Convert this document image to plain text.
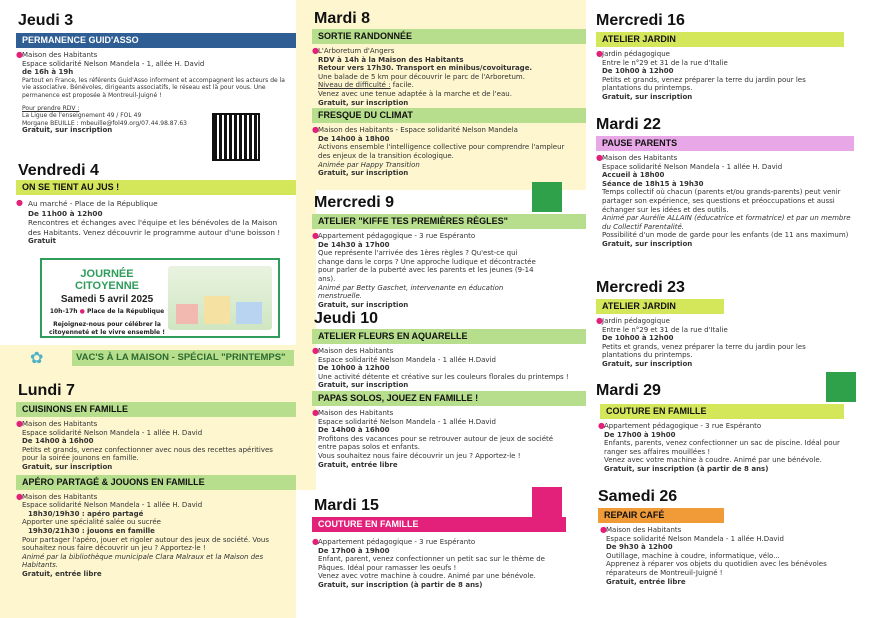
Jeudi 3
PERMANENCE GUID'ASSO
● Maison des Habitants
Espace solidarité Nelson Mandela - 1, allée H. David
de 16h à 19h
Partout en France, les référents Guid'Asso informent et accompagnent les acteurs de la vie associative. Bénévoles, dirigeants associatifs, le réseau est là pour vous. Une permanence est proposée à Montreuil-Juigné !
Pour prendre RDV :
La Ligue de l'enseignement 49 / FOL 49
Morgane BEUILLE : mbeuille@fol49.org/07.44.98.87.63
Gratuit, sur inscription
Vendredi 4
ON SE TIENT AU JUS !
● Au marché - Place de la République
De 11h00 à 12h00
Rencontres et échanges avec l'équipe et les bénévoles de la Maison des Habitants. Venez découvrir le programme autour d'une boisson !
Gratuit
JOURNÉE CITOYENNE
Samedi 5 avril 2025
10h-17h ● Place de la République
Rejoignez-nous pour célébrer la citoyenneté et le vivre ensemble !
✿	VAC'S À LA MAISON - SPÉCIAL "PRINTEMPS"
Lundi 7
CUISINONS EN FAMILLE
● Maison des Habitants
Espace solidarité Nelson Mandela - 1 allée H. David
De 14h00 à 16h00
Petits et grands, venez confectionner avec nous des recettes apéritives pour la soirée jounons en famille.
Gratuit, sur inscription
APÉRO PARTAGÉ & JOUONS EN FAMILLE
● Maison des Habitants
Espace solidarité Nelson Mandela - 1 allée H. David
18h30/19h30 : apéro partagé
Apporter une spécialité salée ou sucrée
19h30/21h30 : jouons en famille
Pour partager l'apéro, jouer et rigoler autour des jeux de société. Vous souhaitez nous faire découvrir un jeu ? Apportez-le !
Animé par la bibliothèque municipale Clara Malraux et la Maison des Habitants.
Gratuit, entrée libre
Mardi 8
SORTIE RANDONNÉE
● L'Arboretum d'Angers
RDV à 14h à la Maison des Habitants
Retour vers 17h30. Transport en minibus/covoiturage.
Une balade de 5 km pour découvrir le parc de l'Arboretum.
Niveau de difficulté : facile.
Venez avec une tenue adaptée à la marche et de l'eau.
Gratuit, sur inscription
FRESQUE DU CLIMAT
● Maison des Habitants - Espace solidarité Nelson Mandela
De 14h00 à 18h00
Activons ensemble l'intelligence collective pour comprendre l'ampleur des enjeux de la transition écologique.
Animée par Happy Transition
Gratuit, sur inscription
Mercredi 9
ATELIER "KIFFE TES PREMIÈRES RÈGLES"
● Appartement pédagogique - 3 rue Espéranto
De 14h30 à 17h00
Que représente l'arrivée des 1ères règles ? Qu'est-ce qui change dans le corps ? Une approche ludique et décontractée pour parler de la puberté avec les parents et les jeunes (9-14 ans).
Animé par Betty Gaschet, intervenante en éducation menstruelle.
Gratuit, sur inscription
Jeudi 10
ATELIER FLEURS EN AQUARELLE
● Maison des Habitants
Espace solidarité Nelson Mandela - 1 allée H.David
De 10h00 à 12h00
Une activité détente et créative sur les couleurs florales du printemps !
Gratuit, sur inscription
PAPAS SOLOS, JOUEZ EN FAMILLE !
● Maison des Habitants
Espace solidarité Nelson Mandela - 1 allée H.David
De 14h00 à 16h00
Profitons des vacances pour se retrouver autour de jeux de société entre papas solos et enfants.
Vous souhaitez nous faire découvrir un jeu ? Apportez-le !
Gratuit, entrée libre
Mardi 15
COUTURE EN FAMILLE
● Appartement pédagogique - 3 rue Espéranto
De 17h00 à 19h00
Enfant, parent, venez confectionner un petit sac sur le thème de Pâques. Idéal pour ramasser les oeufs !
Venez avec votre machine à coudre. Animé par une bénévole.
Gratuit, sur inscription (à partir de 8 ans)
Mercredi 16
ATELIER JARDIN
● Jardin pédagogique
Entre le n°29 et 31 de la rue d'Italie
De 10h00 à 12h00
Petits et grands, venez préparer la terre du jardin pour les plantations du printemps.
Gratuit, sur inscription
Mardi 22
PAUSE PARENTS
● Maison des Habitants
Espace solidarité Nelson Mandela - 1 allée H. David
Accueil à 18h00
Séance de 18h15 à 19h30
Temps collectif où chacun (parents et/ou grands-parents) peut venir partager son expérience, ses questions et préoccupations et aussi échanger sur les idées et des outils.
Animé par Aurélie ALLAIN (éducatrice et formatrice) et par un membre du Collectif Parentalité.
Possibilité d'un mode de garde pour les enfants (de 11 ans maximum)
Gratuit, sur inscription
Mercredi 23
ATELIER JARDIN
● Jardin pédagogique
Entre le n°29 et 31 de la rue d'Italie
De 10h00 à 12h00
Petits et grands, venez préparer la terre du jardin pour les plantations du printemps.
Gratuit, sur inscription
Mardi 29
COUTURE EN FAMILLE
● Appartement pédagogique - 3 rue Espéranto
De 17h00 à 19h00
Enfants, parents, venez confectionner un sac de piscine. Idéal pour ranger ses affaires mouillées !
Venez avec votre machine à coudre. Animé par une bénévole.
Gratuit, sur inscription (à partir de 8 ans)
Samedi 26
REPAIR CAFÉ
● Maison des Habitants
Espace solidarité Nelson Mandela - 1 allée H.David
De 9h30 à 12h00
Outillage, machine à coudre, informatique, vélo...
Apprenez à réparer vos objets du quotidien avec les bénévoles réparateurs de Montreuil-Juigné !
Gratuit, entrée libre
